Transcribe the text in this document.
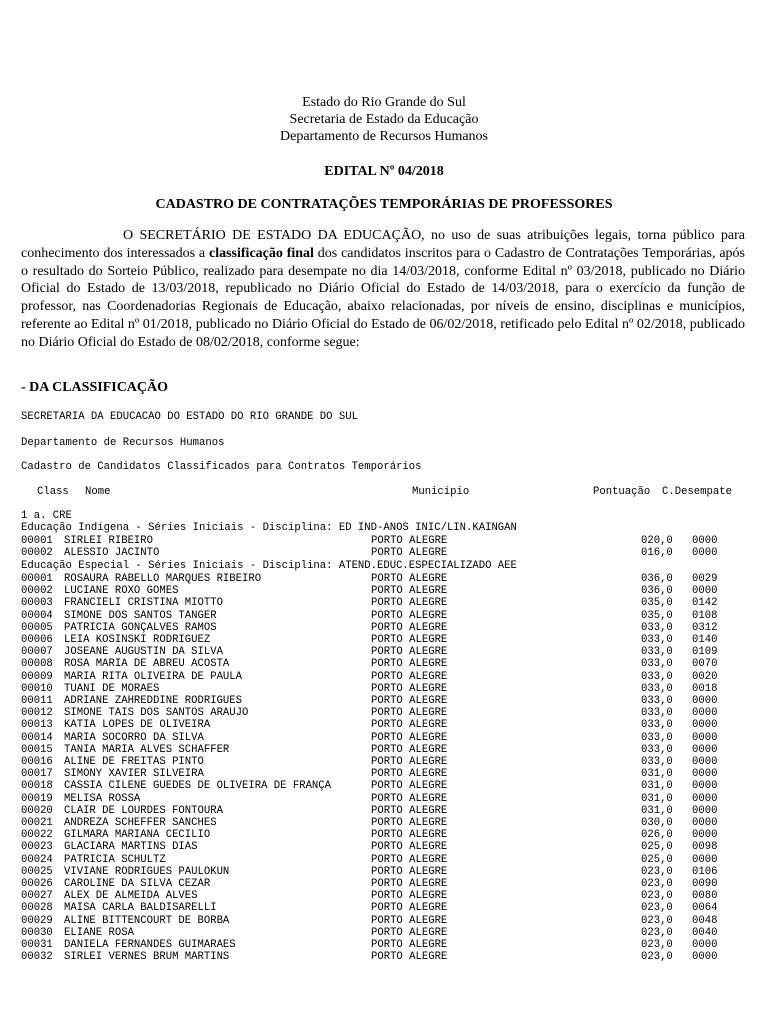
Estado do Rio Grande do Sul
Secretaria de Estado da Educação
Departamento de Recursos Humanos
EDITAL Nº 04/2018
CADASTRO DE CONTRATAÇÕES TEMPORÁRIAS DE PROFESSORES
O SECRETÁRIO DE ESTADO DA EDUCAÇÃO, no uso de suas atribuições legais, torna público para conhecimento dos interessados a classificação final dos candidatos inscritos para o Cadastro de Contratações Temporárias, após o resultado do Sorteio Público, realizado para desempate no dia 14/03/2018, conforme Edital nº 03/2018, publicado no Diário Oficial do Estado de 13/03/2018, republicado no Diário Oficial do Estado de 14/03/2018, para o exercício da função de professor, nas Coordenadorias Regionais de Educação, abaixo relacionadas, por níveis de ensino, disciplinas e municípios, referente ao Edital nº 01/2018, publicado no Diário Oficial do Estado de 06/02/2018, retificado pelo Edital nº 02/2018, publicado no Diário Oficial do Estado de 08/02/2018, conforme segue:
- DA CLASSIFICAÇÃO
SECRETARIA DA EDUCACAO DO ESTADO DO RIO GRANDE DO SUL
Departamento de Recursos Humanos
Cadastro de Candidatos Classificados para Contratos Temporários
Class Nome	Município	Pontuação C.Desempate
1 a. CRE
Educação Indígena - Séries Iniciais - Disciplina: ED IND-ANOS INIC/LIN.KAINGAN
00001 SIRLEI RIBEIRO	PORTO ALEGRE	020,0 0000
00002 ALESSIO JACINTO	PORTO ALEGRE	016,0 0000
Educação Especial - Séries Iniciais - Disciplina: ATEND.EDUC.ESPECIALIZADO AEE
00001 ROSAURA RABELLO MARQUES RIBEIRO	PORTO ALEGRE	036,0 0029
00002 LUCIANE ROXO GOMES	PORTO ALEGRE	036,0 0000
00003 FRANCIELI CRISTINA MIOTTO	PORTO ALEGRE	035,0 0142
00004 SIMONE DOS SANTOS TANGER	PORTO ALEGRE	035,0 0108
00005 PATRICIA GONÇALVES RAMOS	PORTO ALEGRE	033,0 0312
00006 LEIA KOSINSKI RODRIGUEZ	PORTO ALEGRE	033,0 0140
00007 JOSEANE AUGUSTIN DA SILVA	PORTO ALEGRE	033,0 0109
00008 ROSA MARIA DE ABREU ACOSTA	PORTO ALEGRE	033,0 0070
00009 MARIA RITA OLIVEIRA DE PAULA	PORTO ALEGRE	033,0 0020
00010 TUANI DE MORAES	PORTO ALEGRE	033,0 0018
00011 ADRIANE ZAHREDDINE RODRIGUES	PORTO ALEGRE	033,0 0000
00012 SIMONE TAIS DOS SANTOS ARAUJO	PORTO ALEGRE	033,0 0000
00013 KATIA LOPES DE OLIVEIRA	PORTO ALEGRE	033,0 0000
00014 MARIA SOCORRO DA SILVA	PORTO ALEGRE	033,0 0000
00015 TANIA MARIA ALVES SCHAFFER	PORTO ALEGRE	033,0 0000
00016 ALINE DE FREITAS PINTO	PORTO ALEGRE	033,0 0000
00017 SIMONY XAVIER SILVEIRA	PORTO ALEGRE	031,0 0000
00018 CASSIA CILENE GUEDES DE OLIVEIRA DE FRANÇA	PORTO ALEGRE	031,0 0000
00019 MELISA ROSSA	PORTO ALEGRE	031,0 0000
00020 CLAIR DE LOURDES FONTOURA	PORTO ALEGRE	031,0 0000
00021 ANDREZA SCHEFFER SANCHES	PORTO ALEGRE	030,0 0000
00022 GILMARA MARIANA CECILIO	PORTO ALEGRE	026,0 0000
00023 GLACIARA MARTINS DIAS	PORTO ALEGRE	025,0 0098
00024 PATRICIA SCHULTZ	PORTO ALEGRE	025,0 0000
00025 VIVIANE RODRIGUES PAULOKUN	PORTO ALEGRE	023,0 0106
00026 CAROLINE DA SILVA CEZAR	PORTO ALEGRE	023,0 0090
00027 ALEX DE ALMEIDA ALVES	PORTO ALEGRE	023,0 0080
00028 MAISA CARLA BALDISARELLI	PORTO ALEGRE	023,0 0064
00029 ALINE BITTENCOURT DE BORBA	PORTO ALEGRE	023,0 0048
00030 ELIANE ROSA	PORTO ALEGRE	023,0 0040
00031 DANIELA FERNANDES GUIMARAES	PORTO ALEGRE	023,0 0000
00032 SIRLEI VERNES BRUM MARTINS	PORTO ALEGRE	023,0 0000
